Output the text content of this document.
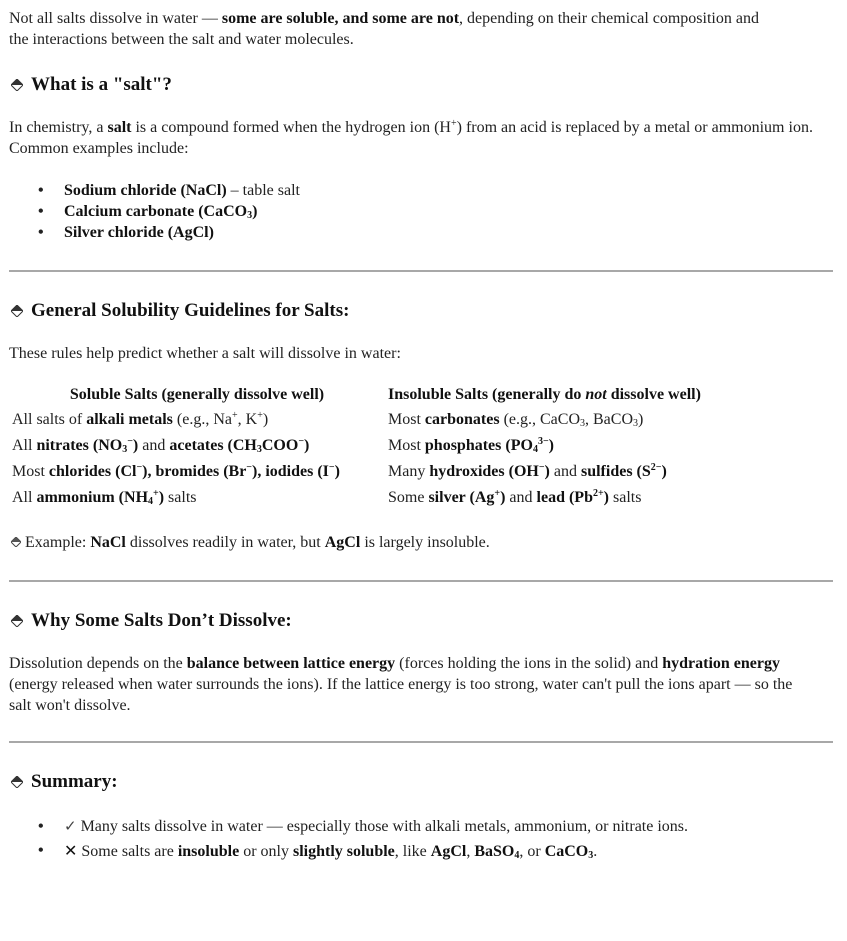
Not all salts dissolve in water — some are soluble, and some are not, depending on their chemical composition and the interactions between the salt and water molecules.

What is a "salt"?

In chemistry, a salt is a compound formed when the hydrogen ion (H+) from an acid is replaced by a metal or ammonium ion. Common examples include:

• Sodium chloride (NaCl) – table salt
• Calcium carbonate (CaCO$_3$)
• Silver chloride (AgCl)
General Solubility Guidelines for Salts:

These rules help predict whether a salt will dissolve in water:

Soluble Salts (generally dissolve well)	Insoluble Salts (generally do not dissolve well)
All salts of alkali metals (e.g., Na+, K+)	Most carbonates (e.g., CaCO$_3$, BaCO$_3$)
All nitrates $(NO_3^-)$ and acetates $(CH_3COO^-)$	Most phosphates $(PO_4^{3-})$
Most chlorides (Cl−), bromides (Br−), iodides (I−)	Many hydroxides (OH−) and sulfides $(S^{2-})$
All ammonium $(NH_4^+)$ salts	Some silver (Ag+) and lead $(Pb^{2+})$ salts

Example: NaCl dissolves readily in water, but AgCl is largely insoluble.

Why Some Salts Don’t Dissolve:

Dissolution depends on the balance between lattice energy (forces holding the ions in the solid) and hydration energy (energy released when water surrounds the ions). If the lattice energy is too strong, water can't pull the ions apart — so the salt won't dissolve.

Summary:
• ✓ Many salts dissolve in water — especially those with alkali metals, ammonium, or nitrate ions.
• ✕ Some salts are insoluble or only slightly soluble, like AgCl, BaSO$_4$, or CaCO$_3$.
